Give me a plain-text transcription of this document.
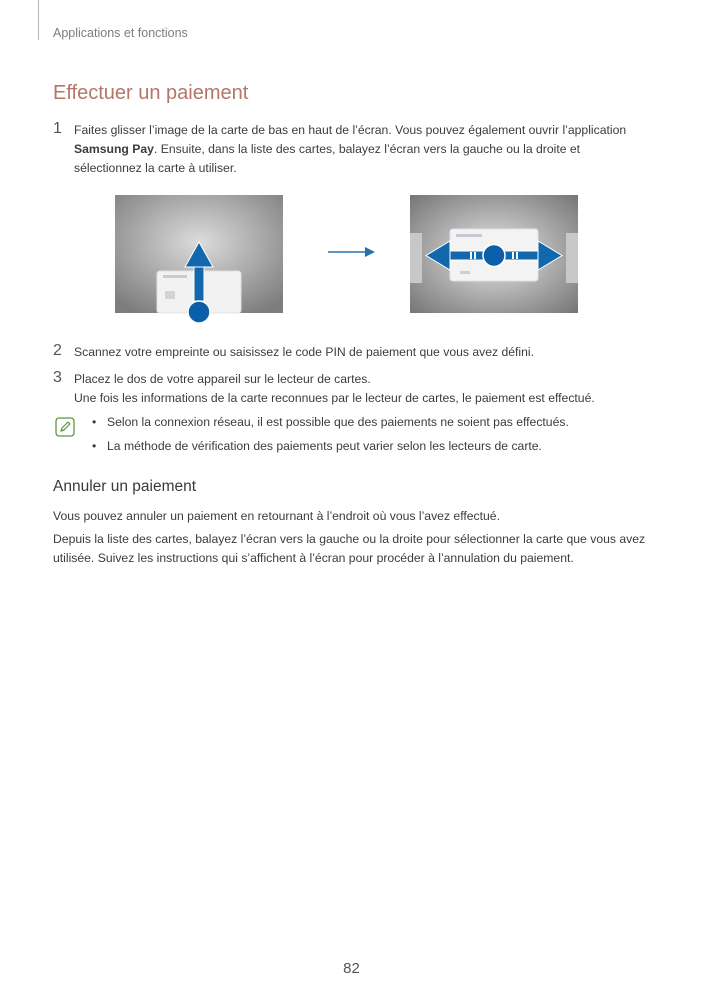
Applications et fonctions
Effectuer un paiement
1 Faites glisser l’image de la carte de bas en haut de l’écran. Vous pouvez également ouvrir l’application Samsung Pay. Ensuite, dans la liste des cartes, balayez l’écran vers la gauche ou la droite et sélectionnez la carte à utiliser.
2 Scannez votre empreinte ou saisissez le code PIN de paiement que vous avez défini.
3 Placez le dos de votre appareil sur le lecteur de cartes.
Une fois les informations de la carte reconnues par le lecteur de cartes, le paiement est effectué.
• Selon la connexion réseau, il est possible que des paiements ne soient pas effectués.
• La méthode de vérification des paiements peut varier selon les lecteurs de carte.
Annuler un paiement

Vous pouvez annuler un paiement en retournant à l’endroit où vous l’avez effectué.

Depuis la liste des cartes, balayez l’écran vers la gauche ou la droite pour sélectionner la carte que vous avez utilisée. Suivez les instructions qui s’affichent à l’écran pour procéder à l’annulation du paiement.

82
